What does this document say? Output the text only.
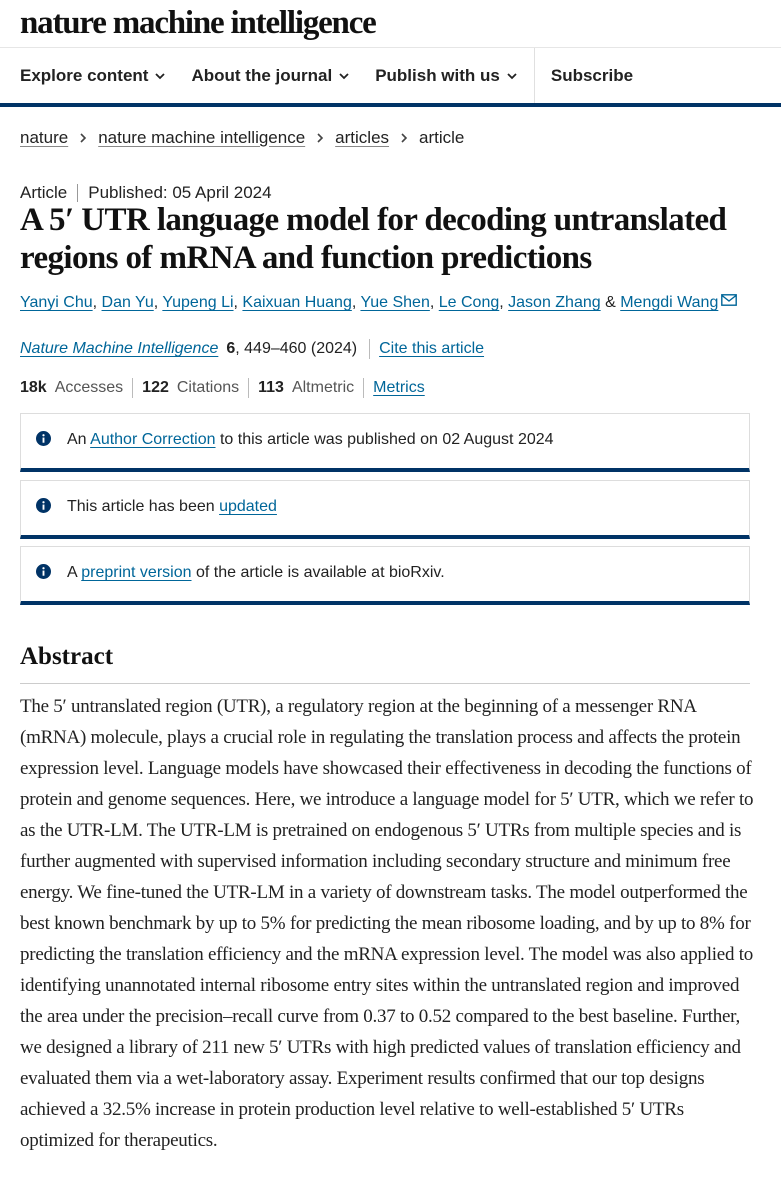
nature machine intelligence
Explore content	About the journal	Publish with us	Subscribe
nature nature machine intelligence articles article
Article Published: 05 April 2024
A 5′ UTR language model for decoding untranslated regions of mRNA and function predictions
Yanyi Chu, Dan Yu, Yupeng Li, Kaixuan Huang, Yue Shen, Le Cong, Jason Zhang & Mengdi Wang
Nature Machine Intelligence 6 , 449–460 (2024) Cite this article
18k Accesses 122 Citations 113 Altmetric Metrics
An Author Correction to this article was published on 02 August 2024
This article has been updated
A preprint version of the article is available at bioRxiv.
Abstract

The 5′ untranslated region (UTR), a regulatory region at the beginning of a messenger RNA (mRNA) molecule, plays a crucial role in regulating the translation process and affects the protein expression level. Language models have showcased their effectiveness in decoding the functions of protein and genome sequences. Here, we introduce a language model for 5′ UTR, which we refer to as the UTR-LM. The UTR-LM is pretrained on endogenous 5′ UTRs from multiple species and is further augmented with supervised information including secondary structure and minimum free energy. We fine-tuned the UTR-LM in a variety of downstream tasks. The model outperformed the best known benchmark by up to 5% for predicting the mean ribosome loading, and by up to 8% for predicting the translation efficiency and the mRNA expression level. The model was also applied to identifying unannotated internal ribosome entry sites within the untranslated region and improved the area under the precision–recall curve from 0.37 to 0.52 compared to the best baseline. Further, we designed a library of 211 new 5′ UTRs with high predicted values of translation efficiency and evaluated them via a wet-laboratory assay. Experiment results confirmed that our top designs achieved a 32.5% increase in protein production level relative to well-established 5′ UTRs optimized for therapeutics.
